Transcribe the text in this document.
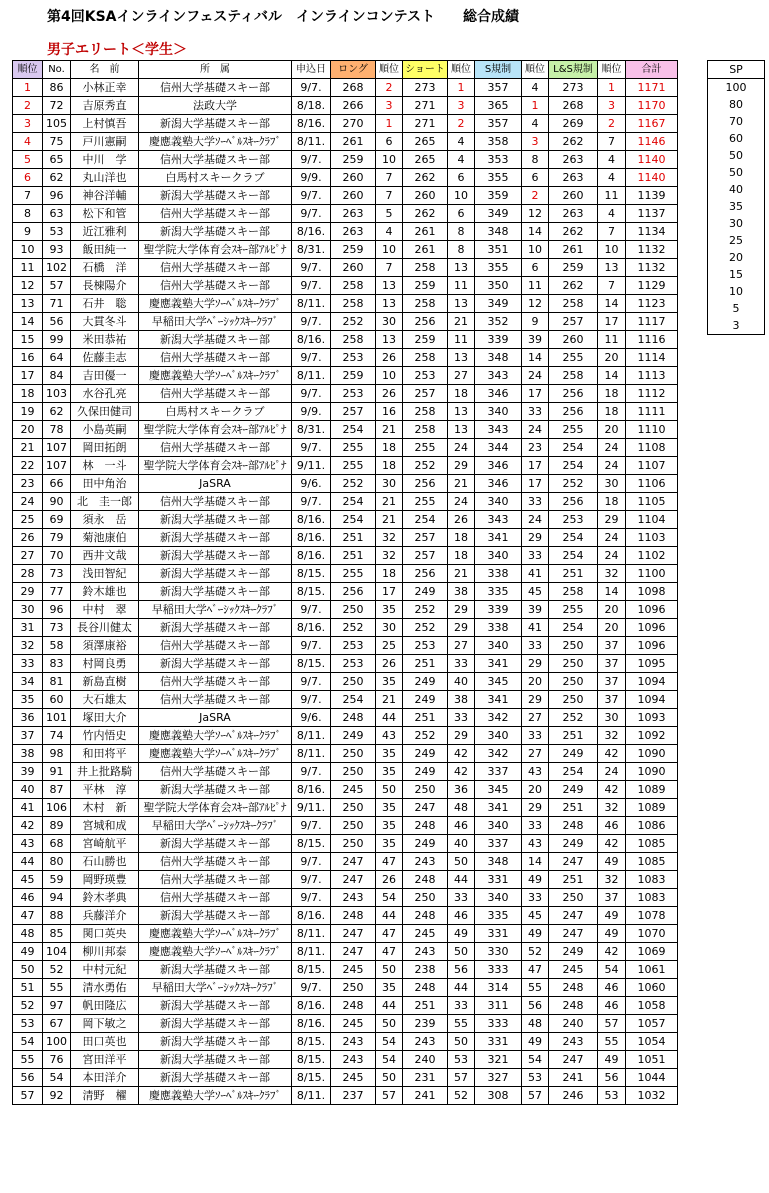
第4回KSAインラインフェスティバル　インラインコンテスト　　総合成績
男子エリート＜学生＞
順位	No.	名　前	所　属	申込日	ロング	順位	ショート	順位	S規制	順位	L&S規制	順位	合計
1	86	小林正幸	信州大学基礎スキー部	9/7.	268	2	273	1	357	4	273	1	1171
2	72	吉原秀直	法政大学	8/18.	266	3	271	3	365	1	268	3	1170
3	105	上村慎吾	新潟大学基礎スキー部	8/16.	270	1	271	2	357	4	269	2	1167
4	75	戸川憲嗣	慶應義塾大学ｿｰﾍﾞﾙｽｷｰｸﾗﾌﾞ	8/11.	261	6	265	4	358	3	262	7	1146
5	65	中川　学	信州大学基礎スキー部	9/7.	259	10	265	4	353	8	263	4	1140
6	62	丸山洋也	白馬村スキークラブ	9/9.	260	7	262	6	355	6	263	4	1140
7	96	神谷洋輔	新潟大学基礎スキー部	9/7.	260	7	260	10	359	2	260	11	1139
8	63	松下和管	信州大学基礎スキー部	9/7.	263	5	262	6	349	12	263	4	1137
9	53	近江雅利	新潟大学基礎スキー部	8/16.	263	4	261	8	348	14	262	7	1134
10	93	飯田純一	聖学院大学体育会ｽｷｰ部ｱﾙﾋﾟﾅ	8/31.	259	10	261	8	351	10	261	10	1132
11	102	石橋　洋	信州大学基礎スキー部	9/7.	260	7	258	13	355	6	259	13	1132
12	57	長棟陽介	信州大学基礎スキー部	9/7.	258	13	259	11	350	11	262	7	1129
13	71	石井　聡	慶應義塾大学ｿｰﾍﾞﾙｽｷｰｸﾗﾌﾞ	8/11.	258	13	258	13	349	12	258	14	1123
14	56	大貫冬斗	早稲田大学ﾍﾞｰｼｯｸｽｷｰｸﾗﾌﾞ	9/7.	252	30	256	21	352	9	257	17	1117
15	99	米田恭祐	新潟大学基礎スキー部	8/16.	258	13	259	11	339	39	260	11	1116
16	64	佐藤圭志	信州大学基礎スキー部	9/7.	253	26	258	13	348	14	255	20	1114
17	84	吉田優一	慶應義塾大学ｿｰﾍﾞﾙｽｷｰｸﾗﾌﾞ	8/11.	259	10	253	27	343	24	258	14	1113
18	103	水谷孔亮	信州大学基礎スキー部	9/7.	253	26	257	18	346	17	256	18	1112
19	62	久保田健司	白馬村スキークラブ	9/9.	257	16	258	13	340	33	256	18	1111
20	78	小島英嗣	聖学院大学体育会ｽｷｰ部ｱﾙﾋﾟﾅ	8/31.	254	21	258	13	343	24	255	20	1110
21	107	岡田拓朗	信州大学基礎スキー部	9/7.	255	18	255	24	344	23	254	24	1108
22	107	林　一斗	聖学院大学体育会ｽｷｰ部ｱﾙﾋﾟﾅ	9/11.	255	18	252	29	346	17	254	24	1107
23	66	田中角治	JaSRA	9/6.	252	30	256	21	346	17	252	30	1106
24	90	北　圭一郎	信州大学基礎スキー部	9/7.	254	21	255	24	340	33	256	18	1105
25	69	須永　岳	新潟大学基礎スキー部	8/16.	254	21	254	26	343	24	253	29	1104
26	79	菊池康伯	新潟大学基礎スキー部	8/16.	251	32	257	18	341	29	254	24	1103
27	70	西井文哉	新潟大学基礎スキー部	8/16.	251	32	257	18	340	33	254	24	1102
28	73	浅田智紀	新潟大学基礎スキー部	8/15.	255	18	256	21	338	41	251	32	1100
29	77	鈴木雄也	新潟大学基礎スキー部	8/15.	256	17	249	38	335	45	258	14	1098
30	96	中村　翠	早稲田大学ﾍﾞｰｼｯｸｽｷｰｸﾗﾌﾞ	9/7.	250	35	252	29	339	39	255	20	1096
31	73	長谷川健太	新潟大学基礎スキー部	8/16.	252	30	252	29	338	41	254	20	1096
32	58	須澤康裕	信州大学基礎スキー部	9/7.	253	25	253	27	340	33	250	37	1096
33	83	村岡良勇	新潟大学基礎スキー部	8/15.	253	26	251	33	341	29	250	37	1095
34	81	新島直樹	信州大学基礎スキー部	9/7.	250	35	249	40	345	20	250	37	1094
35	60	大石雄太	信州大学基礎スキー部	9/7.	254	21	249	38	341	29	250	37	1094
36	101	塚田大介	JaSRA	9/6.	248	44	251	33	342	27	252	30	1093
37	74	竹内悟史	慶應義塾大学ｿｰﾍﾞﾙｽｷｰｸﾗﾌﾞ	8/11.	249	43	252	29	340	33	251	32	1092
38	98	和田将平	慶應義塾大学ｿｰﾍﾞﾙｽｷｰｸﾗﾌﾞ	8/11.	250	35	249	42	342	27	249	42	1090
39	91	井上批路騎	信州大学基礎スキー部	9/7.	250	35	249	42	337	43	254	24	1090
40	87	平林　淳	新潟大学基礎スキー部	8/16.	245	50	250	36	345	20	249	42	1089
41	106	木村　新	聖学院大学体育会ｽｷｰ部ｱﾙﾋﾟﾅ	9/11.	250	35	247	48	341	29	251	32	1089
42	89	宮城和成	早稲田大学ﾍﾞｰｼｯｸｽｷｰｸﾗﾌﾞ	9/7.	250	35	248	46	340	33	248	46	1086
43	68	宮崎航平	新潟大学基礎スキー部	8/15.	250	35	249	40	337	43	249	42	1085
44	80	石山勝也	信州大学基礎スキー部	9/7.	247	47	243	50	348	14	247	49	1085
45	59	岡野瑛豊	信州大学基礎スキー部	9/7.	247	26	248	44	331	49	251	32	1083
46	94	鈴木孝典	信州大学基礎スキー部	9/7.	243	54	250	33	340	33	250	37	1083
47	88	兵藤洋介	新潟大学基礎スキー部	8/16.	248	44	248	46	335	45	247	49	1078
48	85	関口英央	慶應義塾大学ｿｰﾍﾞﾙｽｷｰｸﾗﾌﾞ	8/11.	247	47	245	49	331	49	247	49	1070
49	104	柳川邦泰	慶應義塾大学ｿｰﾍﾞﾙｽｷｰｸﾗﾌﾞ	8/11.	247	47	243	50	330	52	249	42	1069
50	52	中村元紀	新潟大学基礎スキー部	8/15.	245	50	238	56	333	47	245	54	1061
51	55	清水勇佑	早稲田大学ﾍﾞｰｼｯｸｽｷｰｸﾗﾌﾞ	9/7.	250	35	248	44	314	55	248	46	1060
52	97	帆田隆広	新潟大学基礎スキー部	8/16.	248	44	251	33	311	56	248	46	1058
53	67	岡下敏之	新潟大学基礎スキー部	8/16.	245	50	239	55	333	48	240	57	1057
54	100	田口英也	新潟大学基礎スキー部	8/15.	243	54	243	50	331	49	243	55	1054
55	76	宮田洋平	新潟大学基礎スキー部	8/15.	243	54	240	53	321	54	247	49	1051
56	54	本田洋介	新潟大学基礎スキー部	8/15.	245	50	231	57	327	53	241	56	1044
57	92	清野　櫂	慶應義塾大学ｿｰﾍﾞﾙｽｷｰｸﾗﾌﾞ	8/11.	237	57	241	52	308	57	246	53	1032
SP
100
80
70
60
50
50
40
35
30
25
20
15
10
5
3
